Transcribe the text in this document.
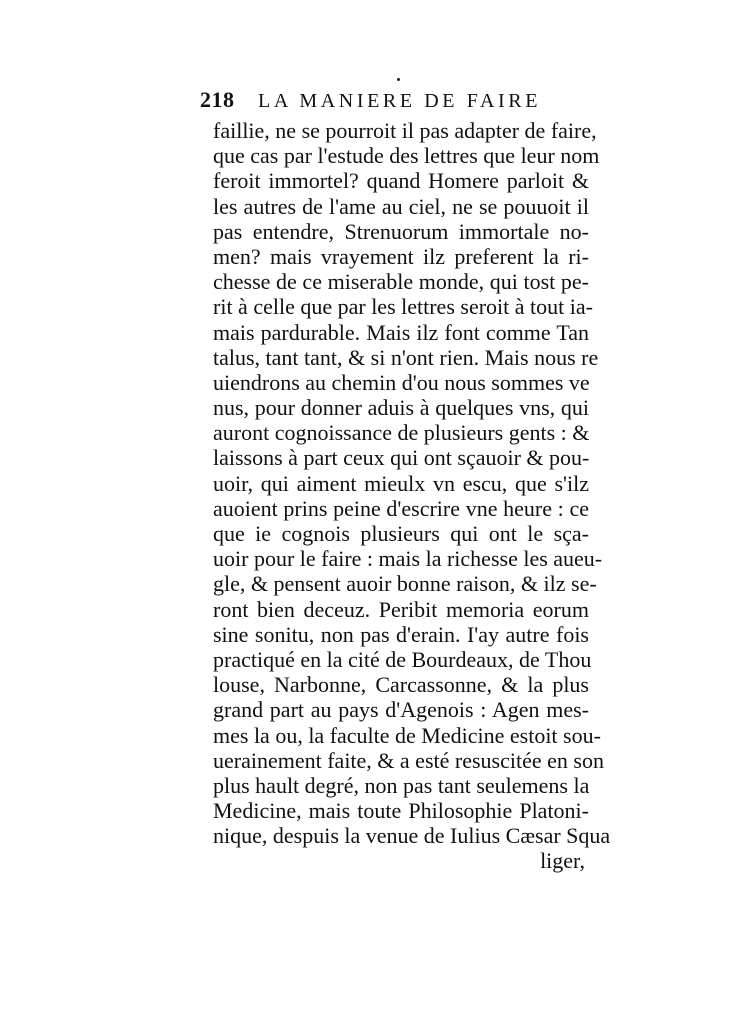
218 LA MANIERE DE FAIRE
faillie, ne se pourroit il pas adapter de faire,
que cas par l'estude des lettres que leur nom
feroit immortel? quand Homere parloit &
les autres de l'ame au ciel, ne se pouuoit il
pas entendre, Strenuorum immortale no-
men? mais vrayement ilz preferent la ri-
chesse de ce miserable monde, qui tost pe-
rit à celle que par les lettres seroit à tout ia-
mais pardurable. Mais ilz font comme Tan
talus, tant tant, & si n'ont rien. Mais nous re
uiendrons au chemin d'ou nous sommes ve
nus, pour donner aduis à quelques vns, qui
auront cognoissance de plusieurs gents : &
laissons à part ceux qui ont sçauoir & pou-
uoir, qui aiment mieulx vn escu, que s'ilz
auoient prins peine d'escrire vne heure : ce
que ie cognois plusieurs qui ont le sça-
uoir pour le faire : mais la richesse les aueu-
gle, & pensent auoir bonne raison, & ilz se-
ront bien deceuz. Peribit memoria eorum
sine sonitu, non pas d'erain. I'ay autre fois
practiqué en la cité de Bourdeaux, de Thou
louse, Narbonne, Carcassonne, & la plus
grand part au pays d'Agenois : Agen mes-
mes la ou, la faculte de Medicine estoit sou-
uerainement faite, & a esté resuscitée en son
plus hault degré, non pas tant seulemens la
Medicine, mais toute Philosophie Platoni-
nique, despuis la venue de Iulius Cæsar Squa
liger,
